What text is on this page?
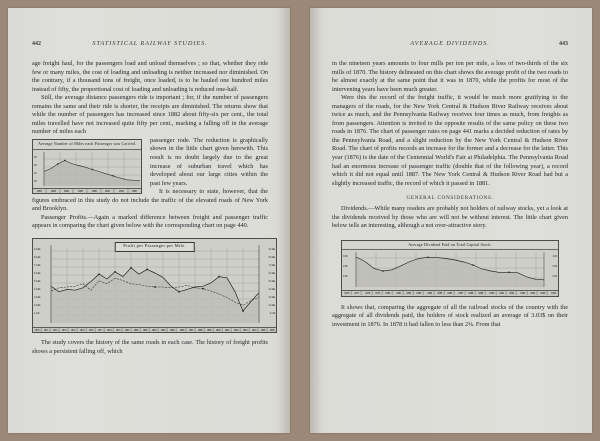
442	STATISTICAL RAILWAY STUDIES.

age freight haul, for the passengers load and unload themselves ; so that, whether they ride few or many miles, the cost of loading and unloading is neither increased nor diminished. On the contrary, if a thousand tons of freight, once loaded, is to be hauled one hundred miles instead of fifty, the proportional cost of loading and unloading is reduced one-half.

Still, the average distance passengers ride is important ; for, if the number of passengers remains the same and their ride is shorter, the receipts are diminished. The returns show that while the number of passengers has increased since 1882 about fifty-six per cent., the total miles travelled have not increased quite fifty per cent., marking a falling off in the average number of miles each

Average Number of Miles each Passenger was Carried.
30
26
22
18
1882	1884	1886	1888	1890	1892	1894	1896

passenger rode. The reduction is graphically shown in the little chart given herewith. This result is no doubt largely due to the great increase of suburban travel which has developed about our large cities within the past few years.

It is necessary to state, however, that the figures embraced in this study do not include the traffic of the elevated roads of New York and Brooklyn.

Passenger Profits.—Again a marked difference between freight and passenger traffic appears in comparing the chart given below with the corresponding chart on page 440.

Profit per Passenger per Mile.
9 mills
8 mills
7 mills
6 mills
5 mills
4 mills
3 mills
2 mills
1 mill
9 mills
8 mills
7 mills
6 mills
5 mills
4 mills
3 mills
2 mills
1 mill
1870	1871	1872	1873	1874	1875	1876	1877	1878	1879	1880	1881	1882	1883	1884	1885	1886	1887	1888	1889	1890	1891	1892	1893	1894	1895	1896

The study covers the history of the same roads in each case. The history of freight profits shows a persistent falling off, which

AVERAGE DIVIDENDS.	443

in the nineteen years amounts to four mills per ton per mile, a loss of two-thirds of the six mills of 1870. The history delineated on this chart shows the average profit of the two roads to be almost exactly at the same point that it was in 1870, while the profits for most of the intervening years have been much greater.

Were this the record of the freight traffic, it would be much more gratifying to the managers of the roads, for the New York Central & Hudson River Railway receives about twice as much, and the Pennsylvania Railway receives four times as much, from freights as from passengers. Attention is invited to the opposite results of the same policy on these two roads in 1876. The chart of passenger rates on page 441 marks a decided reduction of rates by the Pennsylvania Road, and a slight reduction by the New York Central & Hudson River Road. The chart of profits records an increase for the former and a decrease for the latter. This year (1876) is the date of the Centennial World's Fair at Philadelphia. The Pennsylvania Road had an enormous increase of passenger traffic (double that of the following year), a record which it did not equal until 1887. The New York Central & Hudson River Road had but a slightly increased traffic, the record of which it passed in 1881.

GENERAL CONSIDERATIONS.

Dividends.—While many readers are probably not holders of railway stocks, yet a look at the dividends received by those who are will not be without interest. The little chart given below tells an interesting, although a not over-attractive story.

Average Dividend Paid on Total Capital Stock.
3.00
2.50
2.00
3.00
2.50
2.00
1875	1877	1878	1879	1880	1881	1882	1883	1884	1885	1886	1887	1888	1889	1890	1891	1892	1893	1894	1895	1896

It shows that, comparing the aggregate of all the railroad stocks of the country with the aggregate of all dividends paid, the holders of stock realized an average of 3.03$ on their investment in 1876. In 1878 it had fallen to less than 2⅜. From that
